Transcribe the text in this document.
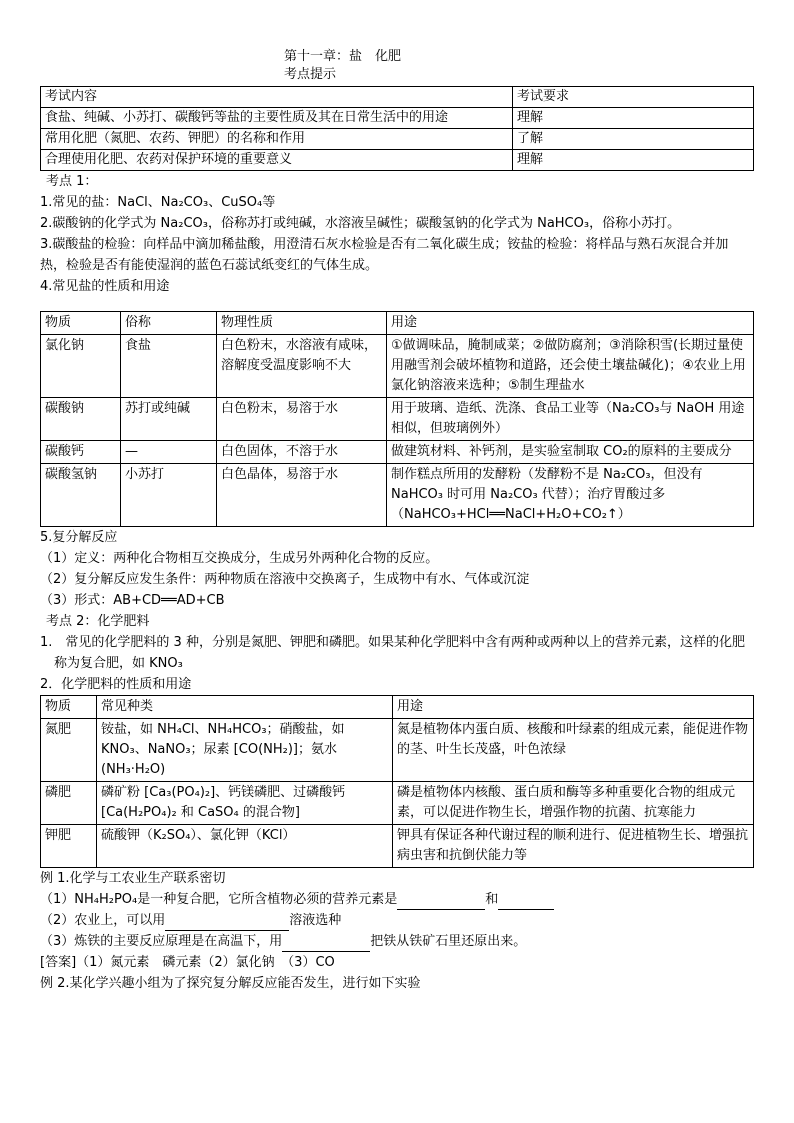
第十一章：盐　化肥
考点提示
考试内容	考试要求
食盐、纯碱、小苏打、碳酸钙等盐的主要性质及其在日常生活中的用途	理解
常用化肥（氮肥、农药、钾肥）的名称和作用	了解
合理使用化肥、农药对保护环境的重要意义	理解

考点 1：

1.常见的盐：NaCl、Na₂CO₃、CuSO₄等

2.碳酸钠的化学式为 Na₂CO₃，俗称苏打或纯碱，水溶液呈碱性；碳酸氢钠的化学式为 NaHCO₃，俗称小苏打。

3.碳酸盐的检验：向样品中滴加稀盐酸，用澄清石灰水检验是否有二氧化碳生成；铵盐的检验：将样品与熟石灰混合并加热，检验是否有能使湿润的蓝色石蕊试纸变红的气体生成。

4.常见盐的性质和用途

物质	俗称	物理性质	用途
氯化钠	食盐	白色粉末，水溶液有咸味，溶解度受温度影响不大	①做调味品，腌制咸菜；②做防腐剂；③消除积雪(长期过量使用融雪剂会破坏植物和道路，还会使土壤盐碱化)；④农业上用氯化钠溶液来选种；⑤制生理盐水
碳酸钠	苏打或纯碱	白色粉末，易溶于水	用于玻璃、造纸、洗涤、食品工业等（Na₂CO₃与 NaOH 用途相似，但玻璃例外）
碳酸钙	—	白色固体，不溶于水	做建筑材料、补钙剂，是实验室制取 CO₂的原料的主要成分
碳酸氢钠	小苏打	白色晶体，易溶于水	制作糕点所用的发酵粉（发酵粉不是 Na₂CO₃，但没有 NaHCO₃ 时可用 Na₂CO₃ 代替）；治疗胃酸过多（NaHCO₃+HCl══NaCl+H₂O+CO₂↑）

5.复分解反应

（1）定义：两种化合物相互交换成分，生成另外两种化合物的反应。

（2）复分解反应发生条件：两种物质在溶液中交换离子，生成物中有水、气体或沉淀

（3）形式：AB+CD══AD+CB

考点 2：化学肥料

1.　常见的化学肥料的 3 种，分别是氮肥、钾肥和磷肥。如果某种化学肥料中含有两种或两种以上的营养元素，这样的化肥称为复合肥，如 KNO₃

2．化学肥料的性质和用途

物质	常见种类	用途
氮肥	铵盐，如 NH₄Cl、NH₄HCO₃；硝酸盐，如 KNO₃、NaNO₃；尿素 [CO(NH₂)]；氨水 (NH₃·H₂O)	氮是植物体内蛋白质、核酸和叶绿素的组成元素，能促进作物的茎、叶生长茂盛，叶色浓绿
磷肥	磷矿粉 [Ca₃(PO₄)₂]、钙镁磷肥、过磷酸钙 [Ca(H₂PO₄)₂ 和 CaSO₄ 的混合物]	磷是植物体内核酸、蛋白质和酶等多种重要化合物的组成元素，可以促进作物生长，增强作物的抗菌、抗寒能力
钾肥	硫酸钾（K₂SO₄）、氯化钾（KCl）	钾具有保证各种代谢过程的顺利进行、促进植物生长、增强抗病虫害和抗倒伏能力等

例 1.化学与工农业生产联系密切

（1）NH₄H₂PO₄是一种复合肥，它所含植物必须的营养元素是	和

（2）农业上，可以用	溶液选种

（3）炼铁的主要反应原理是在高温下，用	把铁从铁矿石里还原出来。

[答案]（1）氮元素　磷元素（2）氯化钠　（3）CO

例 2.某化学兴趣小组为了探究复分解反应能否发生，进行如下实验
